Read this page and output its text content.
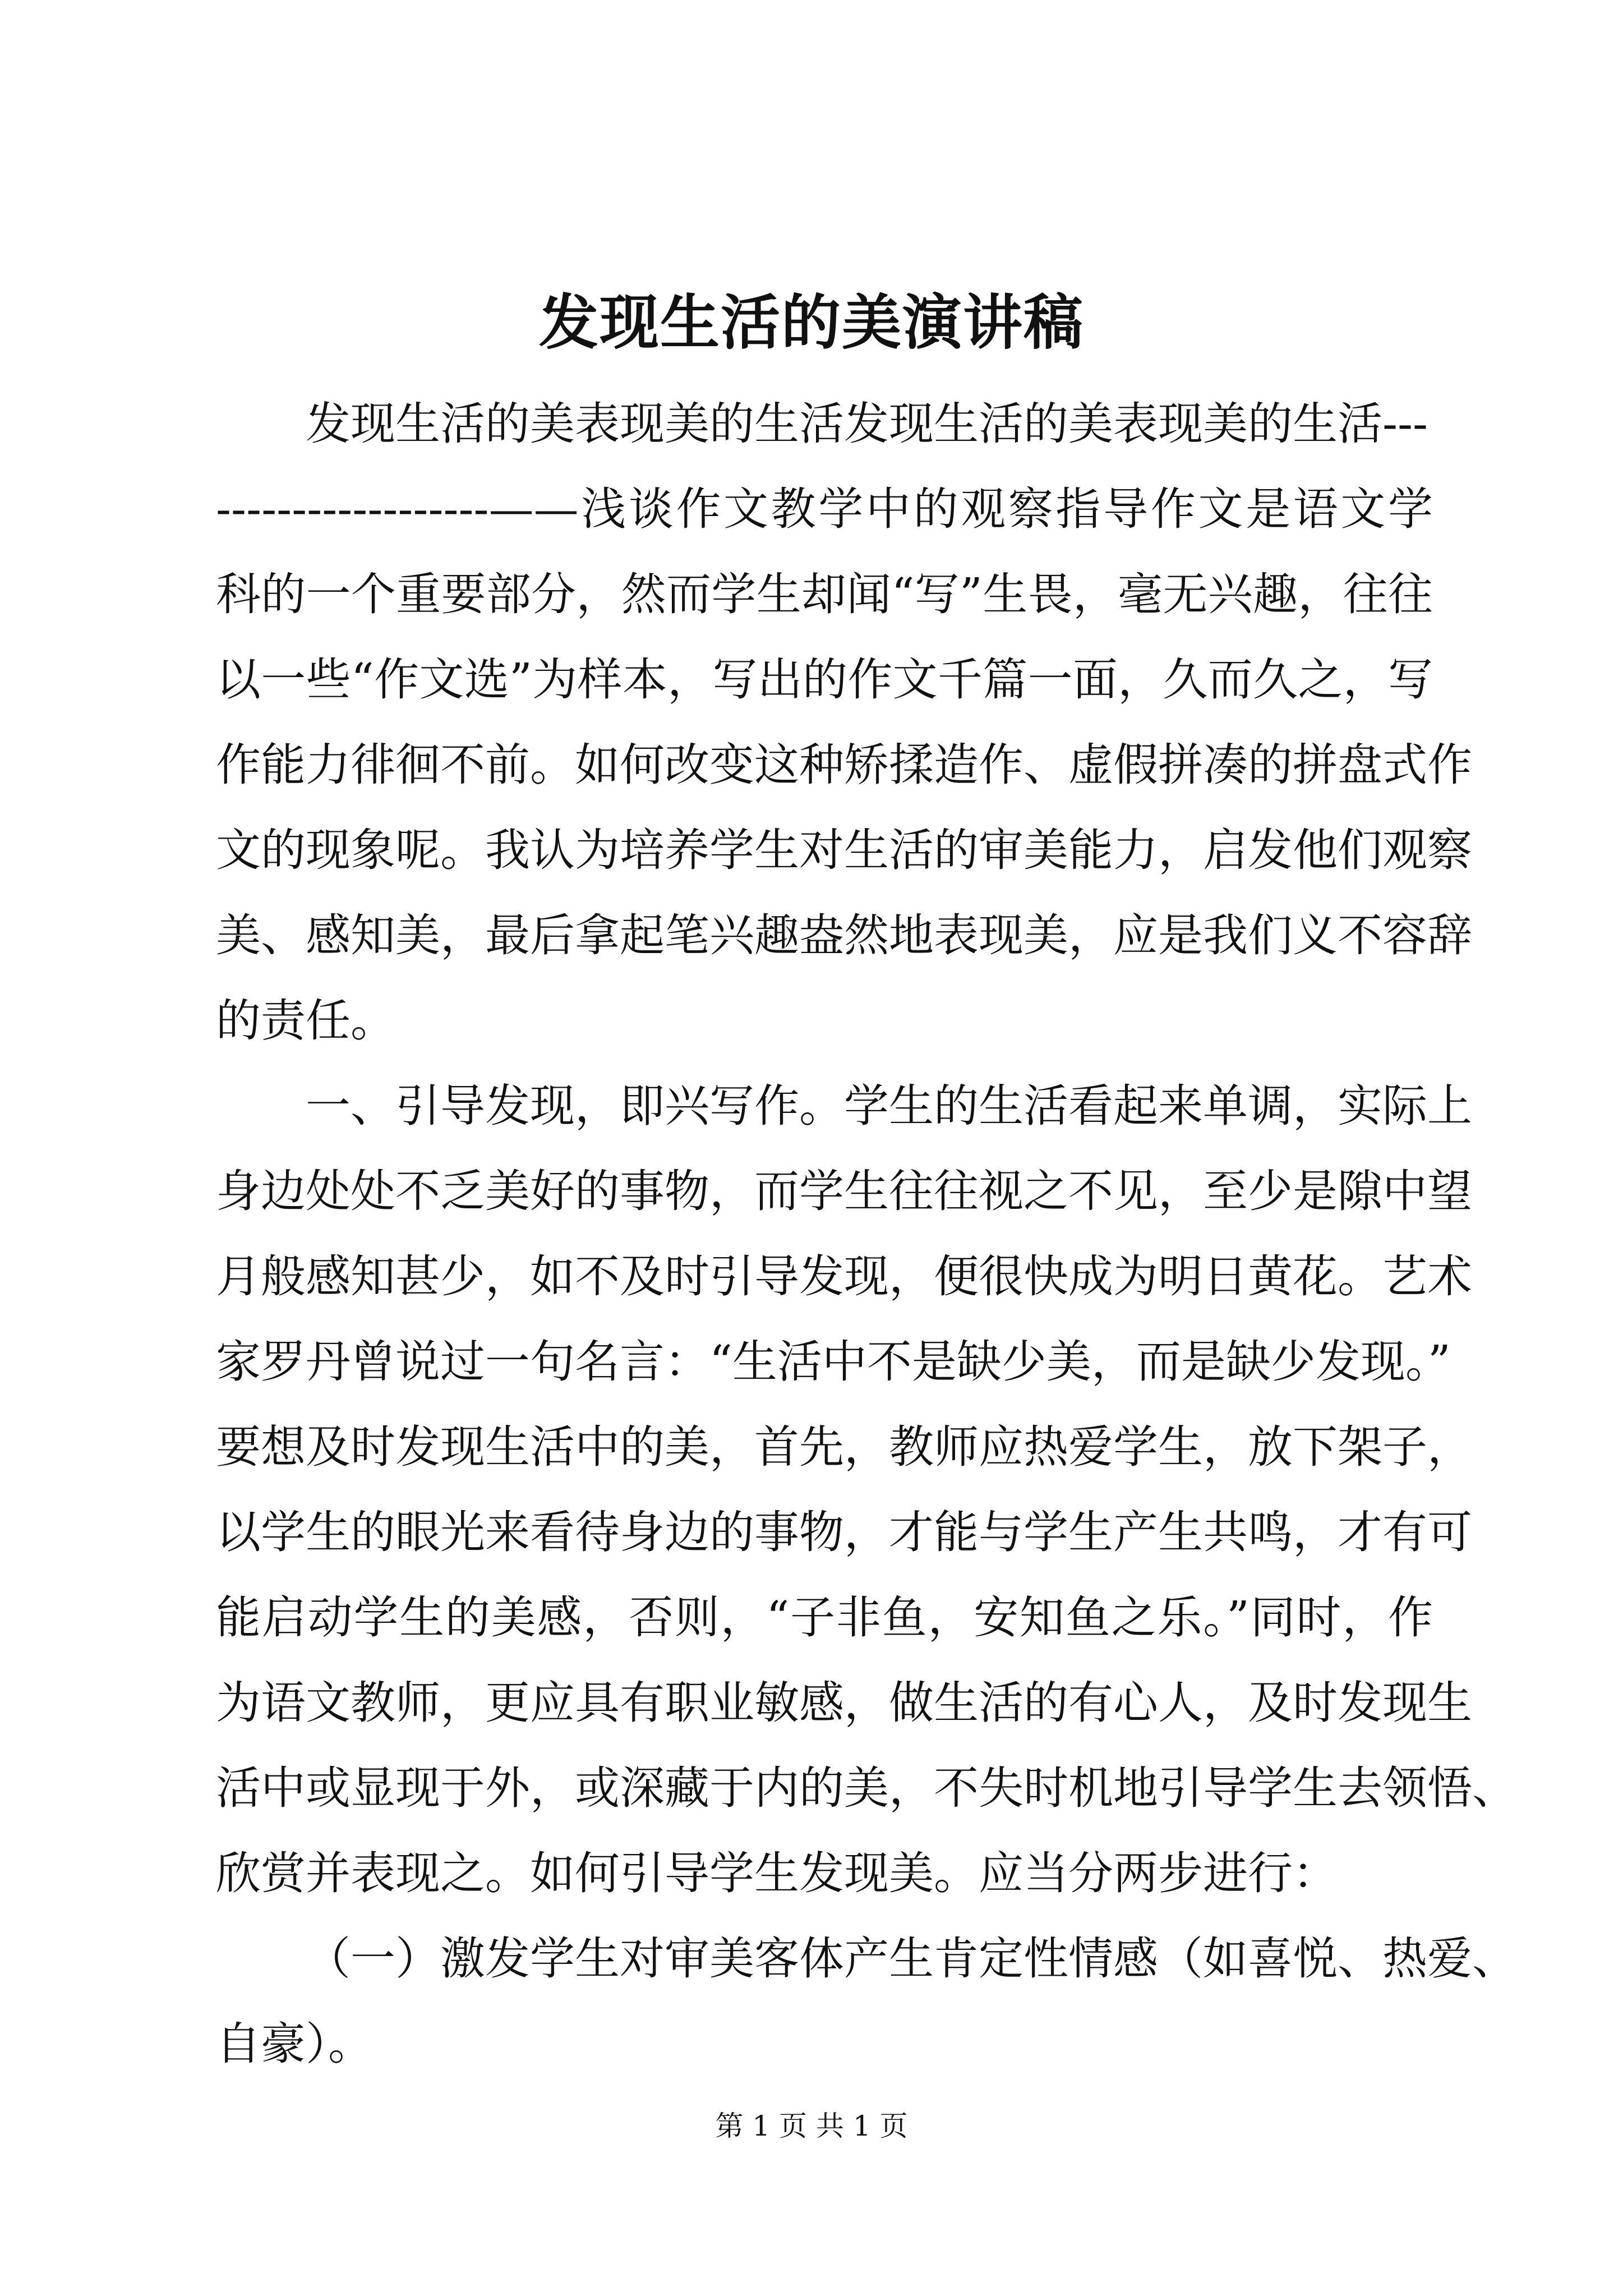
发现生活的美演讲稿
发现生活的美表现美的生活发现生活的美表现美的生活---
------------------——浅谈作文教学中的观察指导作文是语文学
科的一个重要部分，然而学生却闻“写”生畏，毫无兴趣，往往
以一些“作文选”为样本，写出的作文千篇一面，久而久之，写
作能力徘徊不前。如何改变这种矫揉造作、虚假拼凑的拼盘式作
文的现象呢。我认为培养学生对生活的审美能力，启发他们观察
美、感知美，最后拿起笔兴趣盎然地表现美，应是我们义不容辞
的责任。
一、引导发现，即兴写作。学生的生活看起来单调，实际上
身边处处不乏美好的事物，而学生往往视之不见，至少是隙中望
月般感知甚少，如不及时引导发现，便很快成为明日黄花。艺术
家罗丹曾说过一句名言：“生活中不是缺少美，而是缺少发现。”
要想及时发现生活中的美，首先，教师应热爱学生，放下架子，
以学生的眼光来看待身边的事物，才能与学生产生共鸣，才有可
能启动学生的美感，否则，“子非鱼，安知鱼之乐。”同时，作
为语文教师，更应具有职业敏感，做生活的有心人，及时发现生
活中或显现于外，或深藏于内的美，不失时机地引导学生去领悟、
欣赏并表现之。如何引导学生发现美。应当分两步进行：
（一）激发学生对审美客体产生肯定性情感（如喜悦、热爱、
自豪）。
第 1 页 共 1 页
